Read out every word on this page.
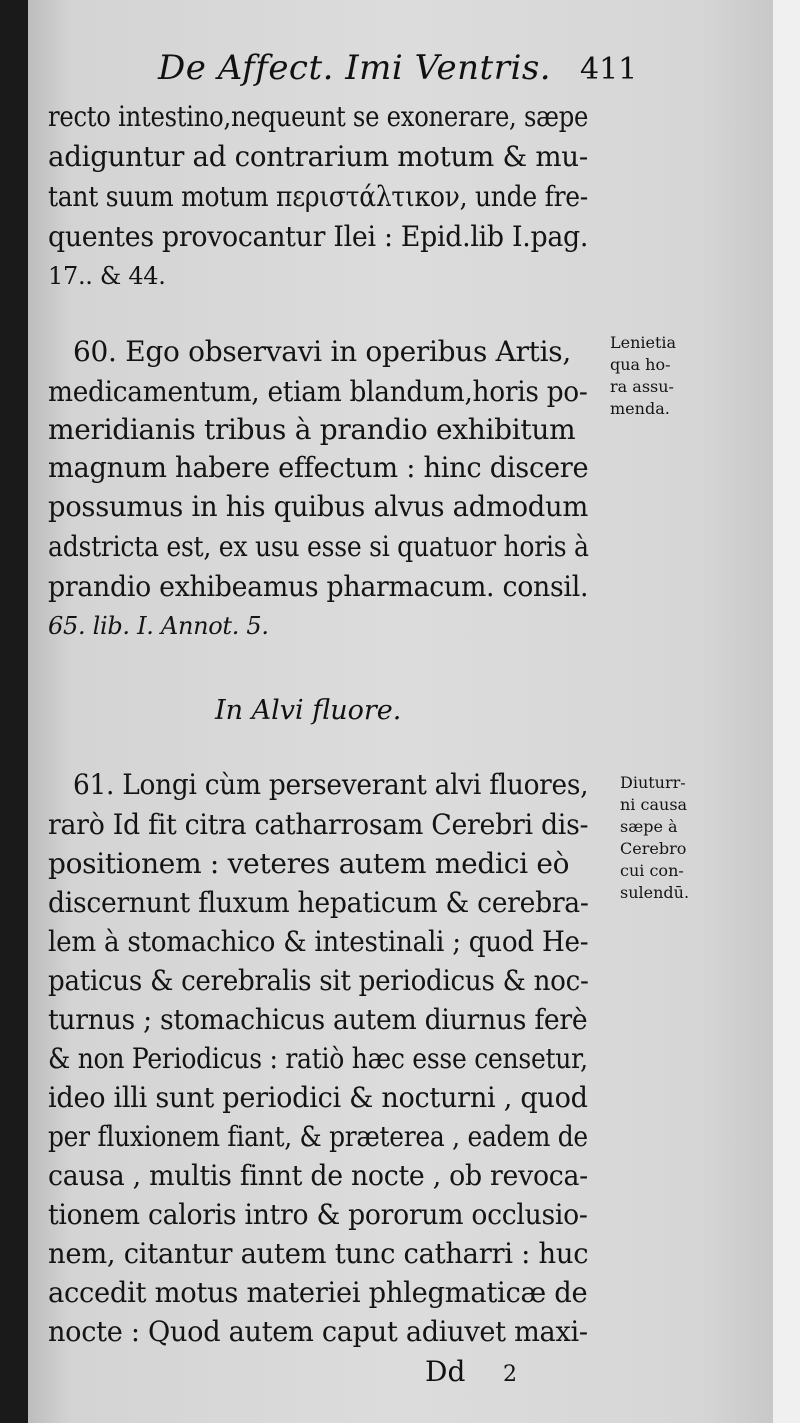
De Affect. Imi Ventris. 411
recto intestino,nequeunt se exonerare, sæpe
adiguntur ad contrarium motum & mu-
tant suum motum περιστάλτικον, unde fre-
quentes provocantur Ilei : Epid.lib I.pag.
17.. & 44.
60. Ego observavi in operibus Artis,
medicamentum, etiam blandum,horis po-
meridianis tribus à prandio exhibitum
magnum habere effectum : hinc discere
possumus in his quibus alvus admodum
adstricta est, ex usu esse si quatuor horis à
prandio exhibeamus pharmacum. consil.
65. lib. I. Annot. 5.
Lenietia
qua ho-
ra assu-
menda.
In Alvi fluore.
61. Longi cùm perseverant alvi fluores,
rarò Id fit citra catharrosam Cerebri dis-
positionem : veteres autem medici eò
discernunt fluxum hepaticum & cerebra-
lem à stomachico & intestinali ; quod He-
paticus & cerebralis sit periodicus & noc-
turnus ; stomachicus autem diurnus ferè
& non Periodicus : ratiò hæc esse censetur,
ideo illi sunt periodici & nocturni , quod
per fluxionem fiant, & præterea , eadem de
causa , multis finnt de nocte , ob revoca-
tionem caloris intro & pororum occlusio-
nem, citantur autem tunc catharri : huc
accedit motus materiei phlegmaticæ de
nocte : Quod autem caput adiuvet maxi-
Diuturr-
ni causa
sæpe à
Cerebro
cui con-
sulendū.
Dd 2
